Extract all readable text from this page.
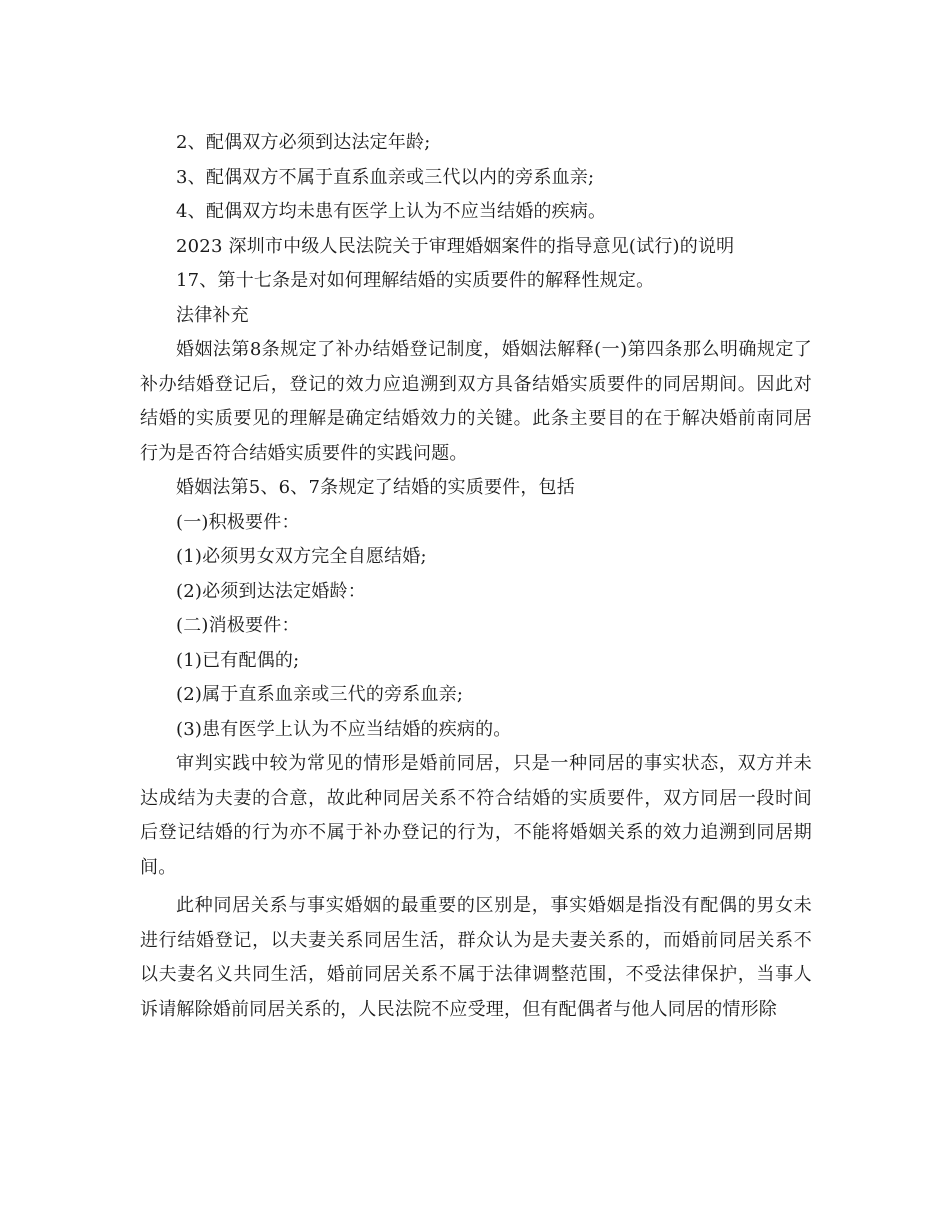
2、配偶双方必须到达法定年龄;

3、配偶双方不属于直系血亲或三代以内的旁系血亲;

4、配偶双方均未患有医学上认为不应当结婚的疾病。

2023 深圳市中级人民法院关于审理婚姻案件的指导意见(试行)的说明

17、第十七条是对如何理解结婚的实质要件的解释性规定。

法律补充

婚姻法第8条规定了补办结婚登记制度，婚姻法解释(一)第四条那么明确规定了补办结婚登记后，登记的效力应追溯到双方具备结婚实质要件的同居期间。因此对结婚的实质要见的理解是确定结婚效力的关键。此条主要目的在于解决婚前南同居行为是否符合结婚实质要件的实践问题。

婚姻法第5、6、7条规定了结婚的实质要件，包括

(一)积极要件：

(1)必须男女双方完全自愿结婚;

(2)必须到达法定婚龄：

(二)消极要件：

(1)已有配偶的;

(2)属于直系血亲或三代的旁系血亲;

(3)患有医学上认为不应当结婚的疾病的。

审判实践中较为常见的情形是婚前同居，只是一种同居的事实状态，双方并未达成结为夫妻的合意，故此种同居关系不符合结婚的实质要件，双方同居一段时间后登记结婚的行为亦不属于补办登记的行为，不能将婚姻关系的效力追溯到同居期间。

此种同居关系与事实婚姻的最重要的区别是，事实婚姻是指没有配偶的男女未进行结婚登记，以夫妻关系同居生活，群众认为是夫妻关系的，而婚前同居关系不以夫妻名义共同生活，婚前同居关系不属于法律调整范围，不受法律保护，当事人诉请解除婚前同居关系的，人民法院不应受理，但有配偶者与他人同居的情形除
